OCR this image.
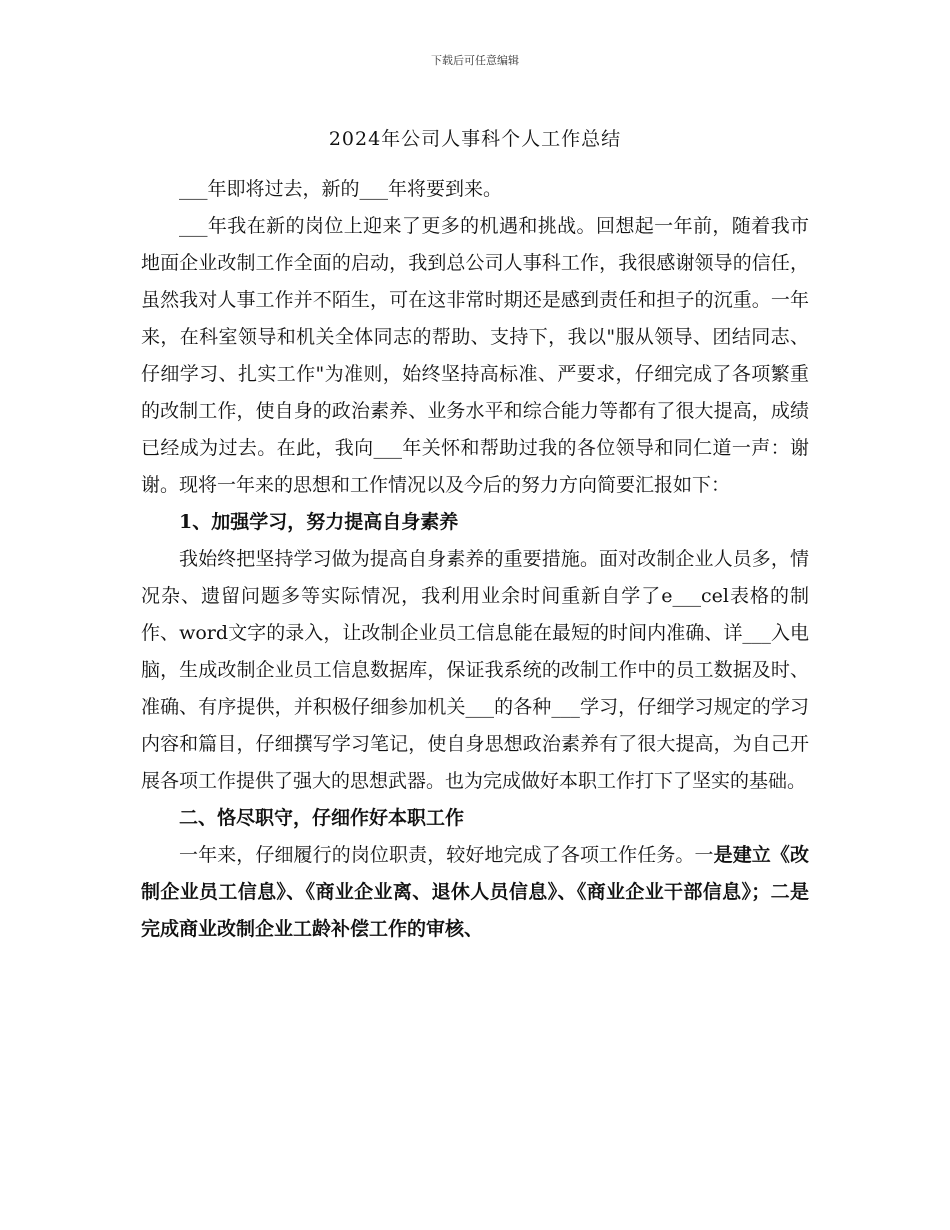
下载后可任意编辑
2024年公司人事科个人工作总结

___年即将过去，新的___年将要到来。

___年我在新的岗位上迎来了更多的机遇和挑战。回想起一年前，随着我市地面企业改制工作全面的启动，我到总公司人事科工作，我很感谢领导的信任，虽然我对人事工作并不陌生，可在这非常时期还是感到责任和担子的沉重。一年来，在科室领导和机关全体同志的帮助、支持下，我以"服从领导、团结同志、仔细学习、扎实工作"为准则，始终坚持高标准、严要求，仔细完成了各项繁重的改制工作，使自身的政治素养、业务水平和综合能力等都有了很大提高，成绩已经成为过去。在此，我向___年关怀和帮助过我的各位领导和同仁道一声：谢谢。现将一年来的思想和工作情况以及今后的努力方向简要汇报如下：

1、加强学习，努力提高自身素养

我始终把坚持学习做为提高自身素养的重要措施。面对改制企业人员多，情况杂、遗留问题多等实际情况，我利用业余时间重新自学了e___cel表格的制作、word文字的录入，让改制企业员工信息能在最短的时间内准确、详___入电脑，生成改制企业员工信息数据库，保证我系统的改制工作中的员工数据及时、准确、有序提供，并积极仔细参加机关___的各种___学习，仔细学习规定的学习内容和篇目，仔细撰写学习笔记，使自身思想政治素养有了很大提高，为自己开展各项工作提供了强大的思想武器。也为完成做好本职工作打下了坚实的基础。

二、恪尽职守，仔细作好本职工作

一年来，仔细履行的岗位职责，较好地完成了各项工作任务。一是建立《改制企业员工信息》、《商业企业离、退休人员信息》、《商业企业干部信息》；二是完成商业改制企业工龄补偿工作的审核、
